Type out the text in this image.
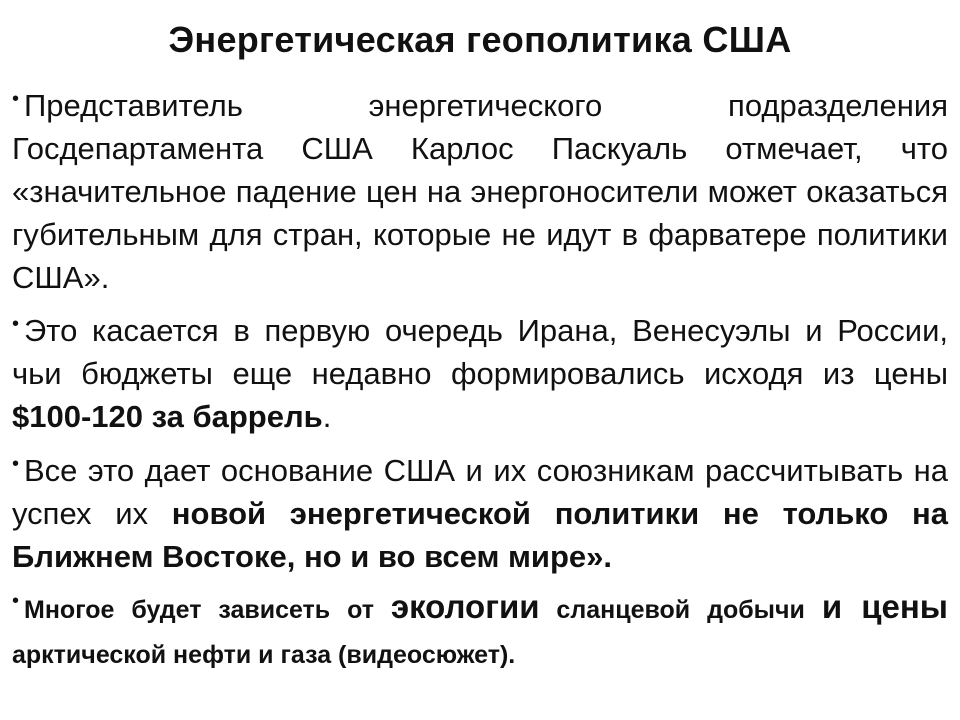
Энергетическая геополитика США
• Представитель энергетического подразделения Госдепартамента США Карлос Паскуаль отмечает, что «значительное падение цен на энергоносители может оказаться губительным для стран, которые не идут в фарватере политики США».
• Это касается в первую очередь Ирана, Венесуэлы и России, чьи бюджеты еще недавно формировались исходя из цены $100-120 за баррель.
• Все это дает основание США и их союзникам рассчитывать на успех их новой энергетической политики не только на Ближнем Востоке, но и во всем мире».
• Многое будет зависеть от экологии сланцевой добычи и цены арктической нефти и газа (видеосюжет).
